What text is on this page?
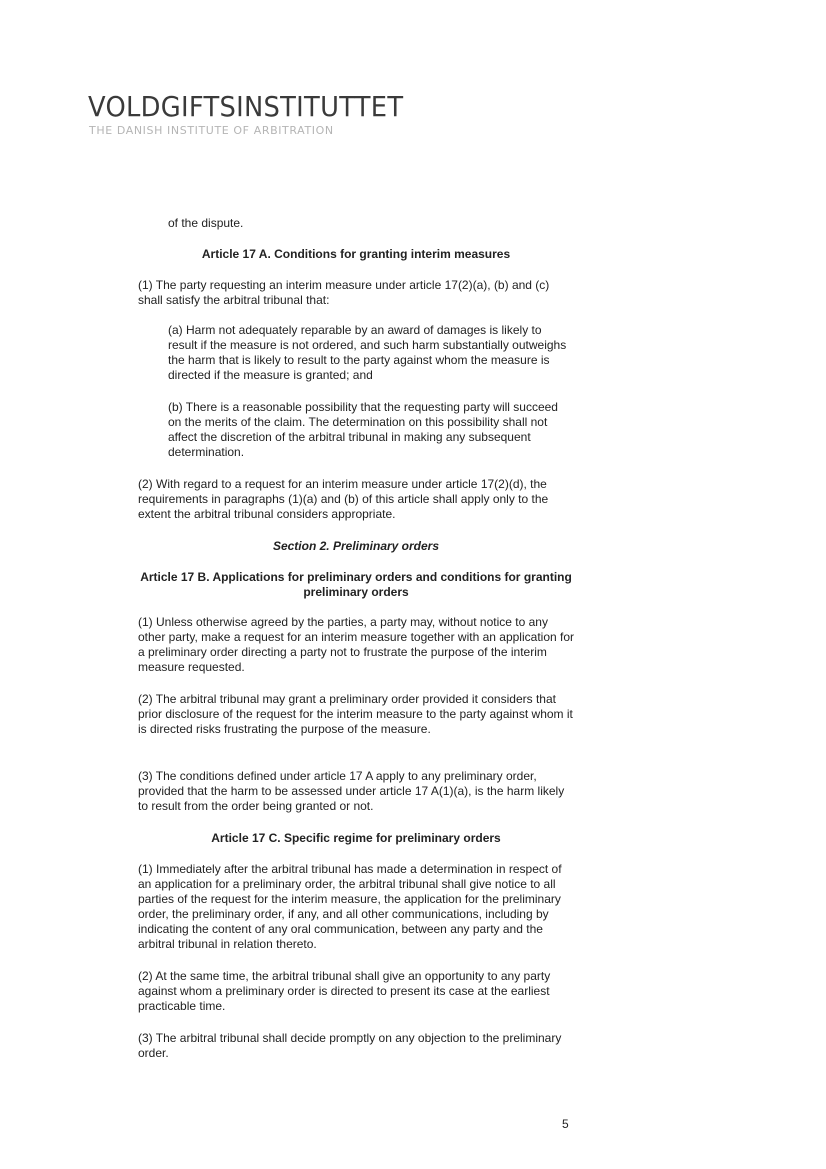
VOLDGIFTSINSTITUTTET
THE DANISH INSTITUTE OF ARBITRATION

of the dispute.

Article 17 A. Conditions for granting interim measures

(1) The party requesting an interim measure under article 17(2)(a), (b) and (c) shall satisfy the arbitral tribunal that:

(a) Harm not adequately reparable by an award of damages is likely to result if the measure is not ordered, and such harm substantially outweighs the harm that is likely to result to the party against whom the measure is directed if the measure is granted; and

(b) There is a reasonable possibility that the requesting party will succeed on the merits of the claim. The determination on this possibility shall not affect the discretion of the arbitral tribunal in making any subsequent determination.

(2) With regard to a request for an interim measure under article 17(2)(d), the requirements in paragraphs (1)(a) and (b) of this article shall apply only to the extent the arbitral tribunal considers appropriate.

Section 2. Preliminary orders

Article 17 B. Applications for preliminary orders and conditions for granting preliminary orders

(1) Unless otherwise agreed by the parties, a party may, without notice to any other party, make a request for an interim measure together with an application for a preliminary order directing a party not to frustrate the purpose of the interim measure requested.

(2) The arbitral tribunal may grant a preliminary order provided it considers that prior disclosure of the request for the interim measure to the party against whom it is directed risks frustrating the purpose of the measure.

(3) The conditions defined under article 17 A apply to any preliminary order, provided that the harm to be assessed under article 17 A(1)(a), is the harm likely to result from the order being granted or not.

Article 17 C. Specific regime for preliminary orders

(1) Immediately after the arbitral tribunal has made a determination in respect of an application for a preliminary order, the arbitral tribunal shall give notice to all parties of the request for the interim measure, the application for the preliminary order, the preliminary order, if any, and all other communications, including by indicating the content of any oral communication, between any party and the arbitral tribunal in relation thereto.

(2) At the same time, the arbitral tribunal shall give an opportunity to any party against whom a preliminary order is directed to present its case at the earliest practicable time.

(3) The arbitral tribunal shall decide promptly on any objection to the preliminary order.

5
